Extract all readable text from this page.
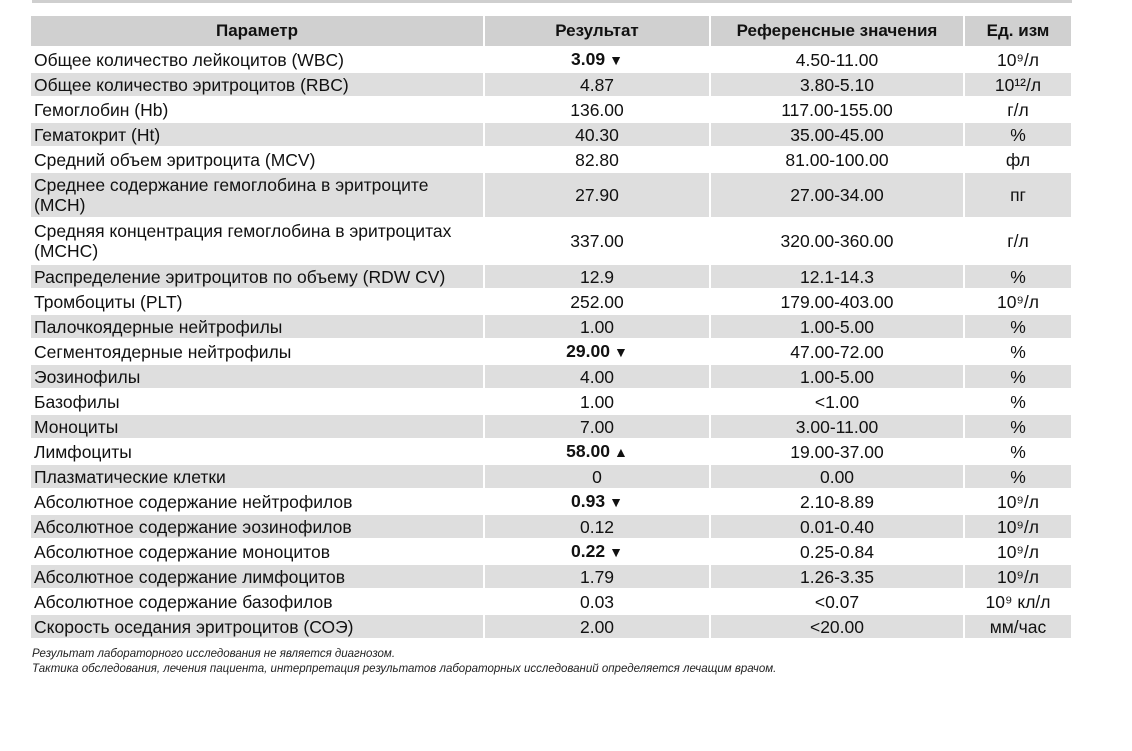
Параметр	Результат	Референсные значения	Ед. изм
Общее количество лейкоцитов (WBC)	3.09 ▼	4.50-11.00	10⁹/л
Общее количество эритроцитов (RBC)	4.87	3.80-5.10	10¹²/л
Гемоглобин (Hb)	136.00	117.00-155.00	г/л
Гематокрит (Ht)	40.30	35.00-45.00	%
Средний объем эритроцита (MCV)	82.80	81.00-100.00	фл
Среднее содержание гемоглобина в эритроците (MCH)	27.90	27.00-34.00	пг
Средняя концентрация гемоглобина в эритроцитах (MCHC)	337.00	320.00-360.00	г/л
Распределение эритроцитов по объему (RDW CV)	12.9	12.1-14.3	%
Тромбоциты (PLT)	252.00	179.00-403.00	10⁹/л
Палочкоядерные нейтрофилы	1.00	1.00-5.00	%
Сегментоядерные нейтрофилы	29.00 ▼	47.00-72.00	%
Эозинофилы	4.00	1.00-5.00	%
Базофилы	1.00	<1.00	%
Моноциты	7.00	3.00-11.00	%
Лимфоциты	58.00 ▲	19.00-37.00	%
Плазматические клетки	0	0.00	%
Абсолютное содержание нейтрофилов	0.93 ▼	2.10-8.89	10⁹/л
Абсолютное содержание эозинофилов	0.12	0.01-0.40	10⁹/л
Абсолютное содержание моноцитов	0.22 ▼	0.25-0.84	10⁹/л
Абсолютное содержание лимфоцитов	1.79	1.26-3.35	10⁹/л
Абсолютное содержание базофилов	0.03	<0.07	10⁹ кл/л
Скорость оседания эритроцитов (СОЭ)	2.00	<20.00	мм/час
Результат лабораторного исследования не является диагнозом.
Тактика обследования, лечения пациента, интерпретация результатов лабораторных исследований определяется лечащим врачом.
